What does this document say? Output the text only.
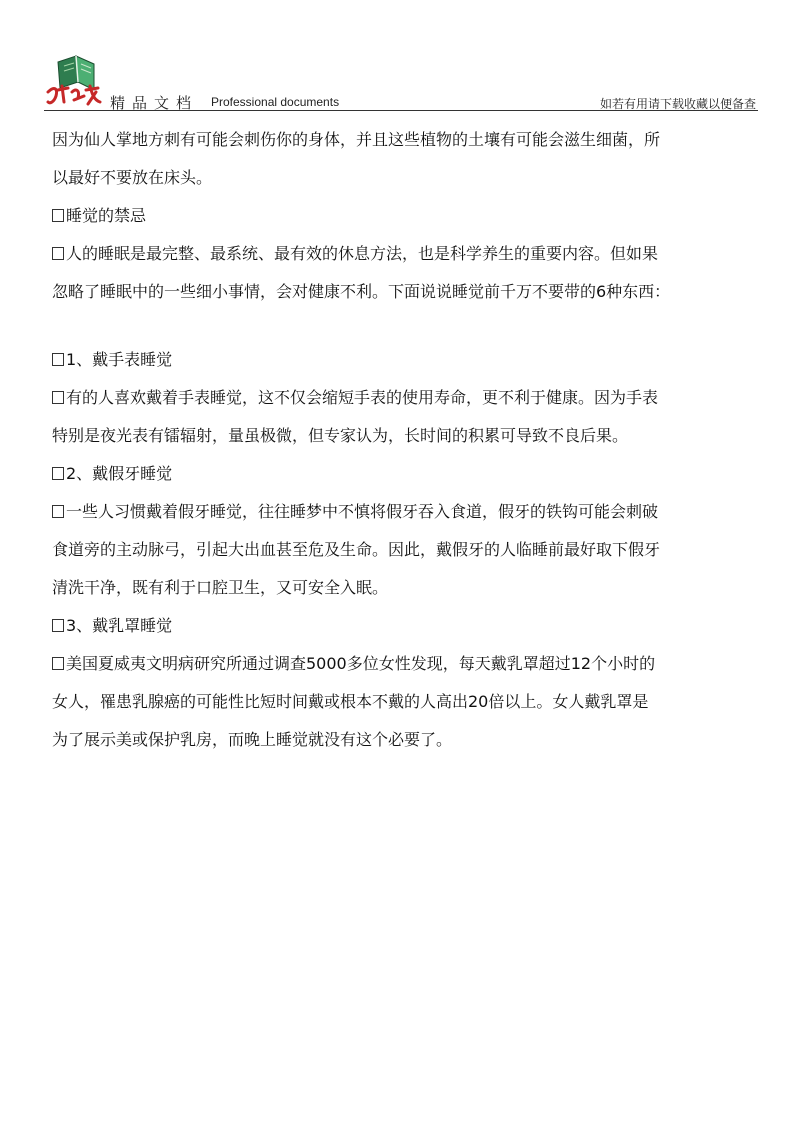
精品文档 Professional documents	如若有用请下载收藏以便备查

因为仙人掌地方刺有可能会刺伤你的身体，并且这些植物的土壤有可能会滋生细菌，所

以最好不要放在床头。

睡觉的禁忌

人的睡眠是最完整、最系统、最有效的休息方法，也是科学养生的重要内容。但如果

忽略了睡眠中的一些细小事情，会对健康不利。下面说说睡觉前千万不要带的6种东西：

1、戴手表睡觉

有的人喜欢戴着手表睡觉，这不仅会缩短手表的使用寿命，更不利于健康。因为手表

特别是夜光表有镭辐射，量虽极微，但专家认为，长时间的积累可导致不良后果。

2、戴假牙睡觉

一些人习惯戴着假牙睡觉，往往睡梦中不慎将假牙吞入食道，假牙的铁钩可能会刺破

食道旁的主动脉弓，引起大出血甚至危及生命。因此，戴假牙的人临睡前最好取下假牙

清洗干净，既有利于口腔卫生，又可安全入眠。

3、戴乳罩睡觉

美国夏威夷文明病研究所通过调查5000多位女性发现，每天戴乳罩超过12个小时的

女人，罹患乳腺癌的可能性比短时间戴或根本不戴的人高出20倍以上。女人戴乳罩是

为了展示美或保护乳房，而晚上睡觉就没有这个必要了。
